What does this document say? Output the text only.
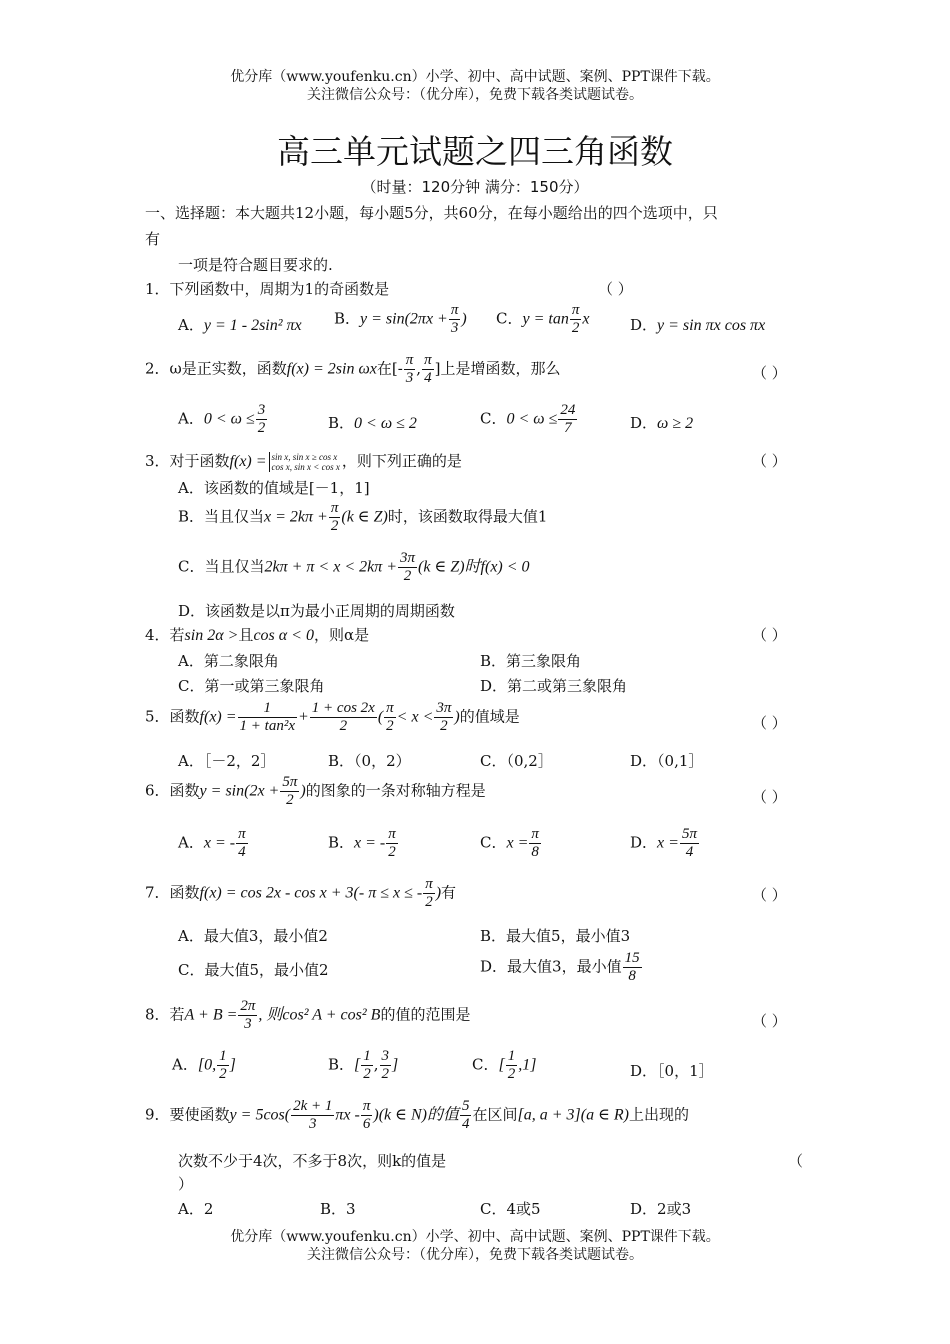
优分库（www.youfenku.cn）小学、初中、高中试题、案例、PPT课件下载。
关注微信公众号：（优分库），免费下载各类试题试卷。
高三单元试题之四三角函数
（时量：120分钟 满分：150分）
一、选择题：本大题共12小题，每小题5分，共60分，在每小题给出的四个选项中，只
有
一项是符合题目要求的.
1．下列函数中，周期为1的奇函数是	（ ）
A．y = 1 - 2sin² πx B．$y = \sin(2\pi x + \frac{\pi}{3}$ ) C．$y = \tan \frac{\pi}{2}$ x	D．y = sin πx cos πx
2．ω是正实数，函数f(x) = 2sin ωx在[- $\frac{\pi}{3}$ , $\frac{\pi}{4}$ ]上是增函数，那么	（ ）
A．$0 < \omega \le \frac{3}{2}$	B．0 < ω ≤ 2	C．$0 < \omega \le \frac{24}{7}$	D．ω ≥ 2
3．对于函数f(x) = sin x, sin x ≥ cos x
cos x, sin x < cos x ，则下列正确的是	（ ）
A．该函数的值域是[－1，1]
B．当且仅当$x = 2k\pi + \frac{\pi}{2} (k$ ∈ Z)时，该函数取得最大值1
C．当且仅当$2k\pi + \pi < x < 2k\pi + \frac{3\pi}{2} (k$ ∈ Z)时f(x) < 0
D．该函数是以π为最小正周期的周期函数
4．若sin 2α >且cos α < 0，则α是	（ ）
A．第二象限角	B．第三象限角
C．第一或第三象限角	D．第二或第三象限角
5．函数$f(x) = \frac{1}{\text{1 + tan²x}} + \frac{1 + \cos 2x}{2}$ ( $\frac{\pi}{2} < x < \frac{3\pi}{2}$ )的值域是	（ ）
A．［－2，2］	B．（0，2）	C．（0,2］	D．（0,1］
6．函数$y = \sin(2x + \frac{5\pi}{2}$ )的图象的一条对称轴方程是	（ ）
A．x = - $\frac{\pi}{4}$	B．x = - $\frac{\pi}{2}$	C．$x = \frac{\pi}{8}$	D．$x = \frac{5\pi}{4}$
7．函数f(x) = cos 2x - cos x + 3(- π ≤ x ≤ - $\frac{\pi}{2}$ )有	（ ）
A．最大值3，最小值2	B．最大值5，最小值3
C．最大值5，最小值2	D．最大值3，最小值 $\frac{15}{8}$
8．若$A + B = \frac{2\pi}{3}$ , 则cos² A + cos² B的值的范围是	（ ）
A．[0, $\frac{1}{2}$ ]	B．[ $\frac{1}{2}$ , $\frac{3}{2}$ ]	C．[ $\frac{1}{2} ,1$]	D．［0，1］
9．要使函数$y = 5\cos( \frac{2k + 1}{3}$ πx - $\frac{\pi}{6} )(k$ ∈ N)的值 $\frac{5}{4}$ 在区间[a, a + 3](a ∈ R)上出现的
次数不少于4次，不多于8次，则k的值是	（
）
A．2	B．3	C．4或5	D．2或3
优分库（www.youfenku.cn）小学、初中、高中试题、案例、PPT课件下载。
关注微信公众号：（优分库），免费下载各类试题试卷。
